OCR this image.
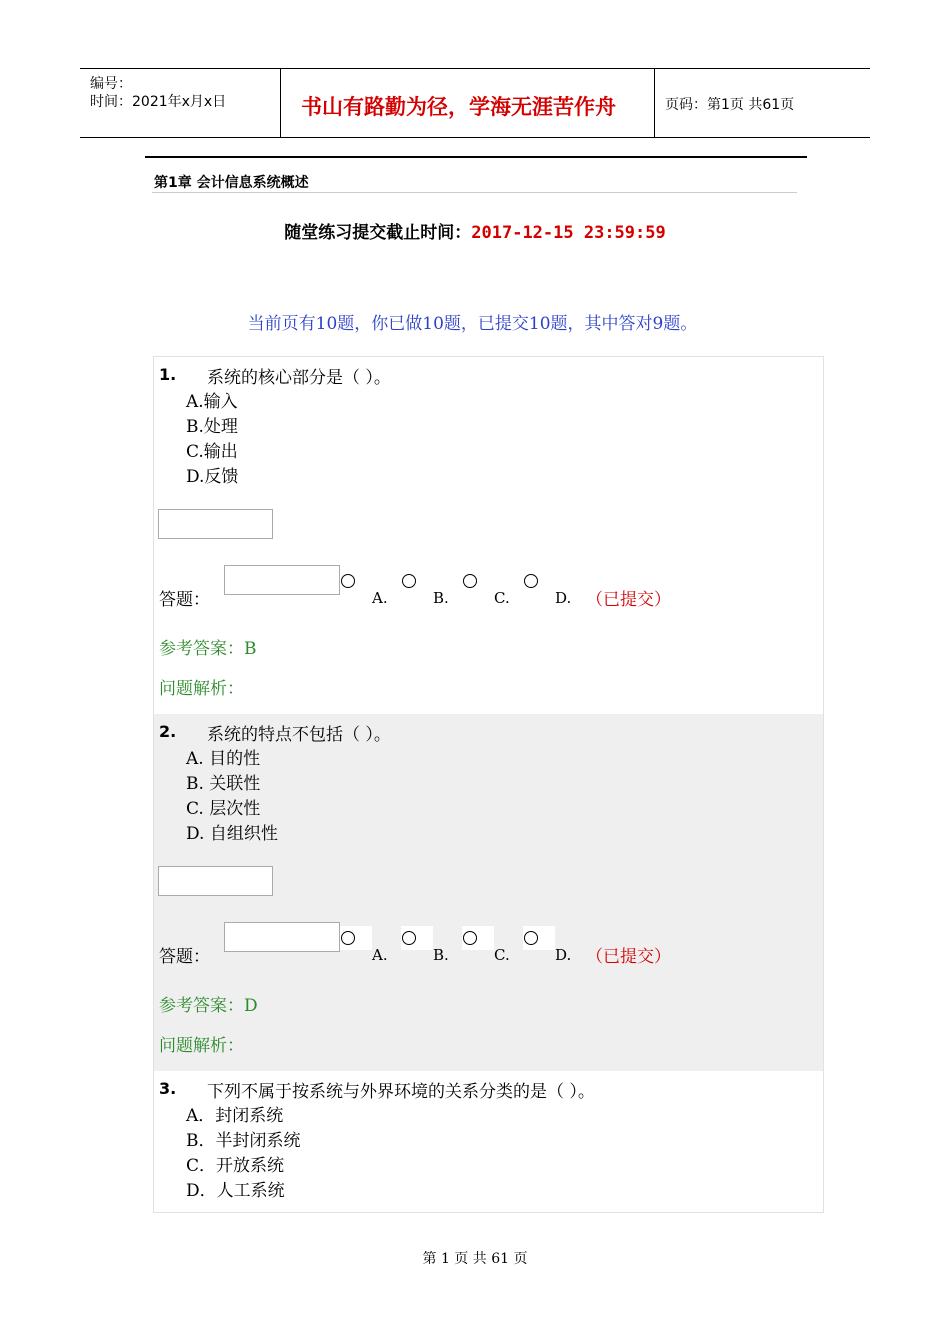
编号：
时间：2021年x月x日	书山有路勤为径，学海无涯苦作舟	页码：第1页 共61页
第1章 会计信息系统概述
随堂练习提交截止时间：2017-12-15 23:59:59
当前页有10题，你已做10题，已提交10题，其中答对9题。
1. 系统的核心部分是（ ）。
A.输入
B.处理
C.输出
D.反馈
答题：	A.	B.	C.	D. （已提交）
参考答案：B
问题解析：
2. 系统的特点不包括（ ）。
A. 目的性
B. 关联性
C. 层次性
D. 自组织性
答题：	A.	B.	C.	D. （已提交）
参考答案：D
问题解析：
3. 下列不属于按系统与外界环境的关系分类的是（ ）。
A．封闭系统
B．半封闭系统
C．开放系统
D．人工系统
第 1 页 共 61 页
